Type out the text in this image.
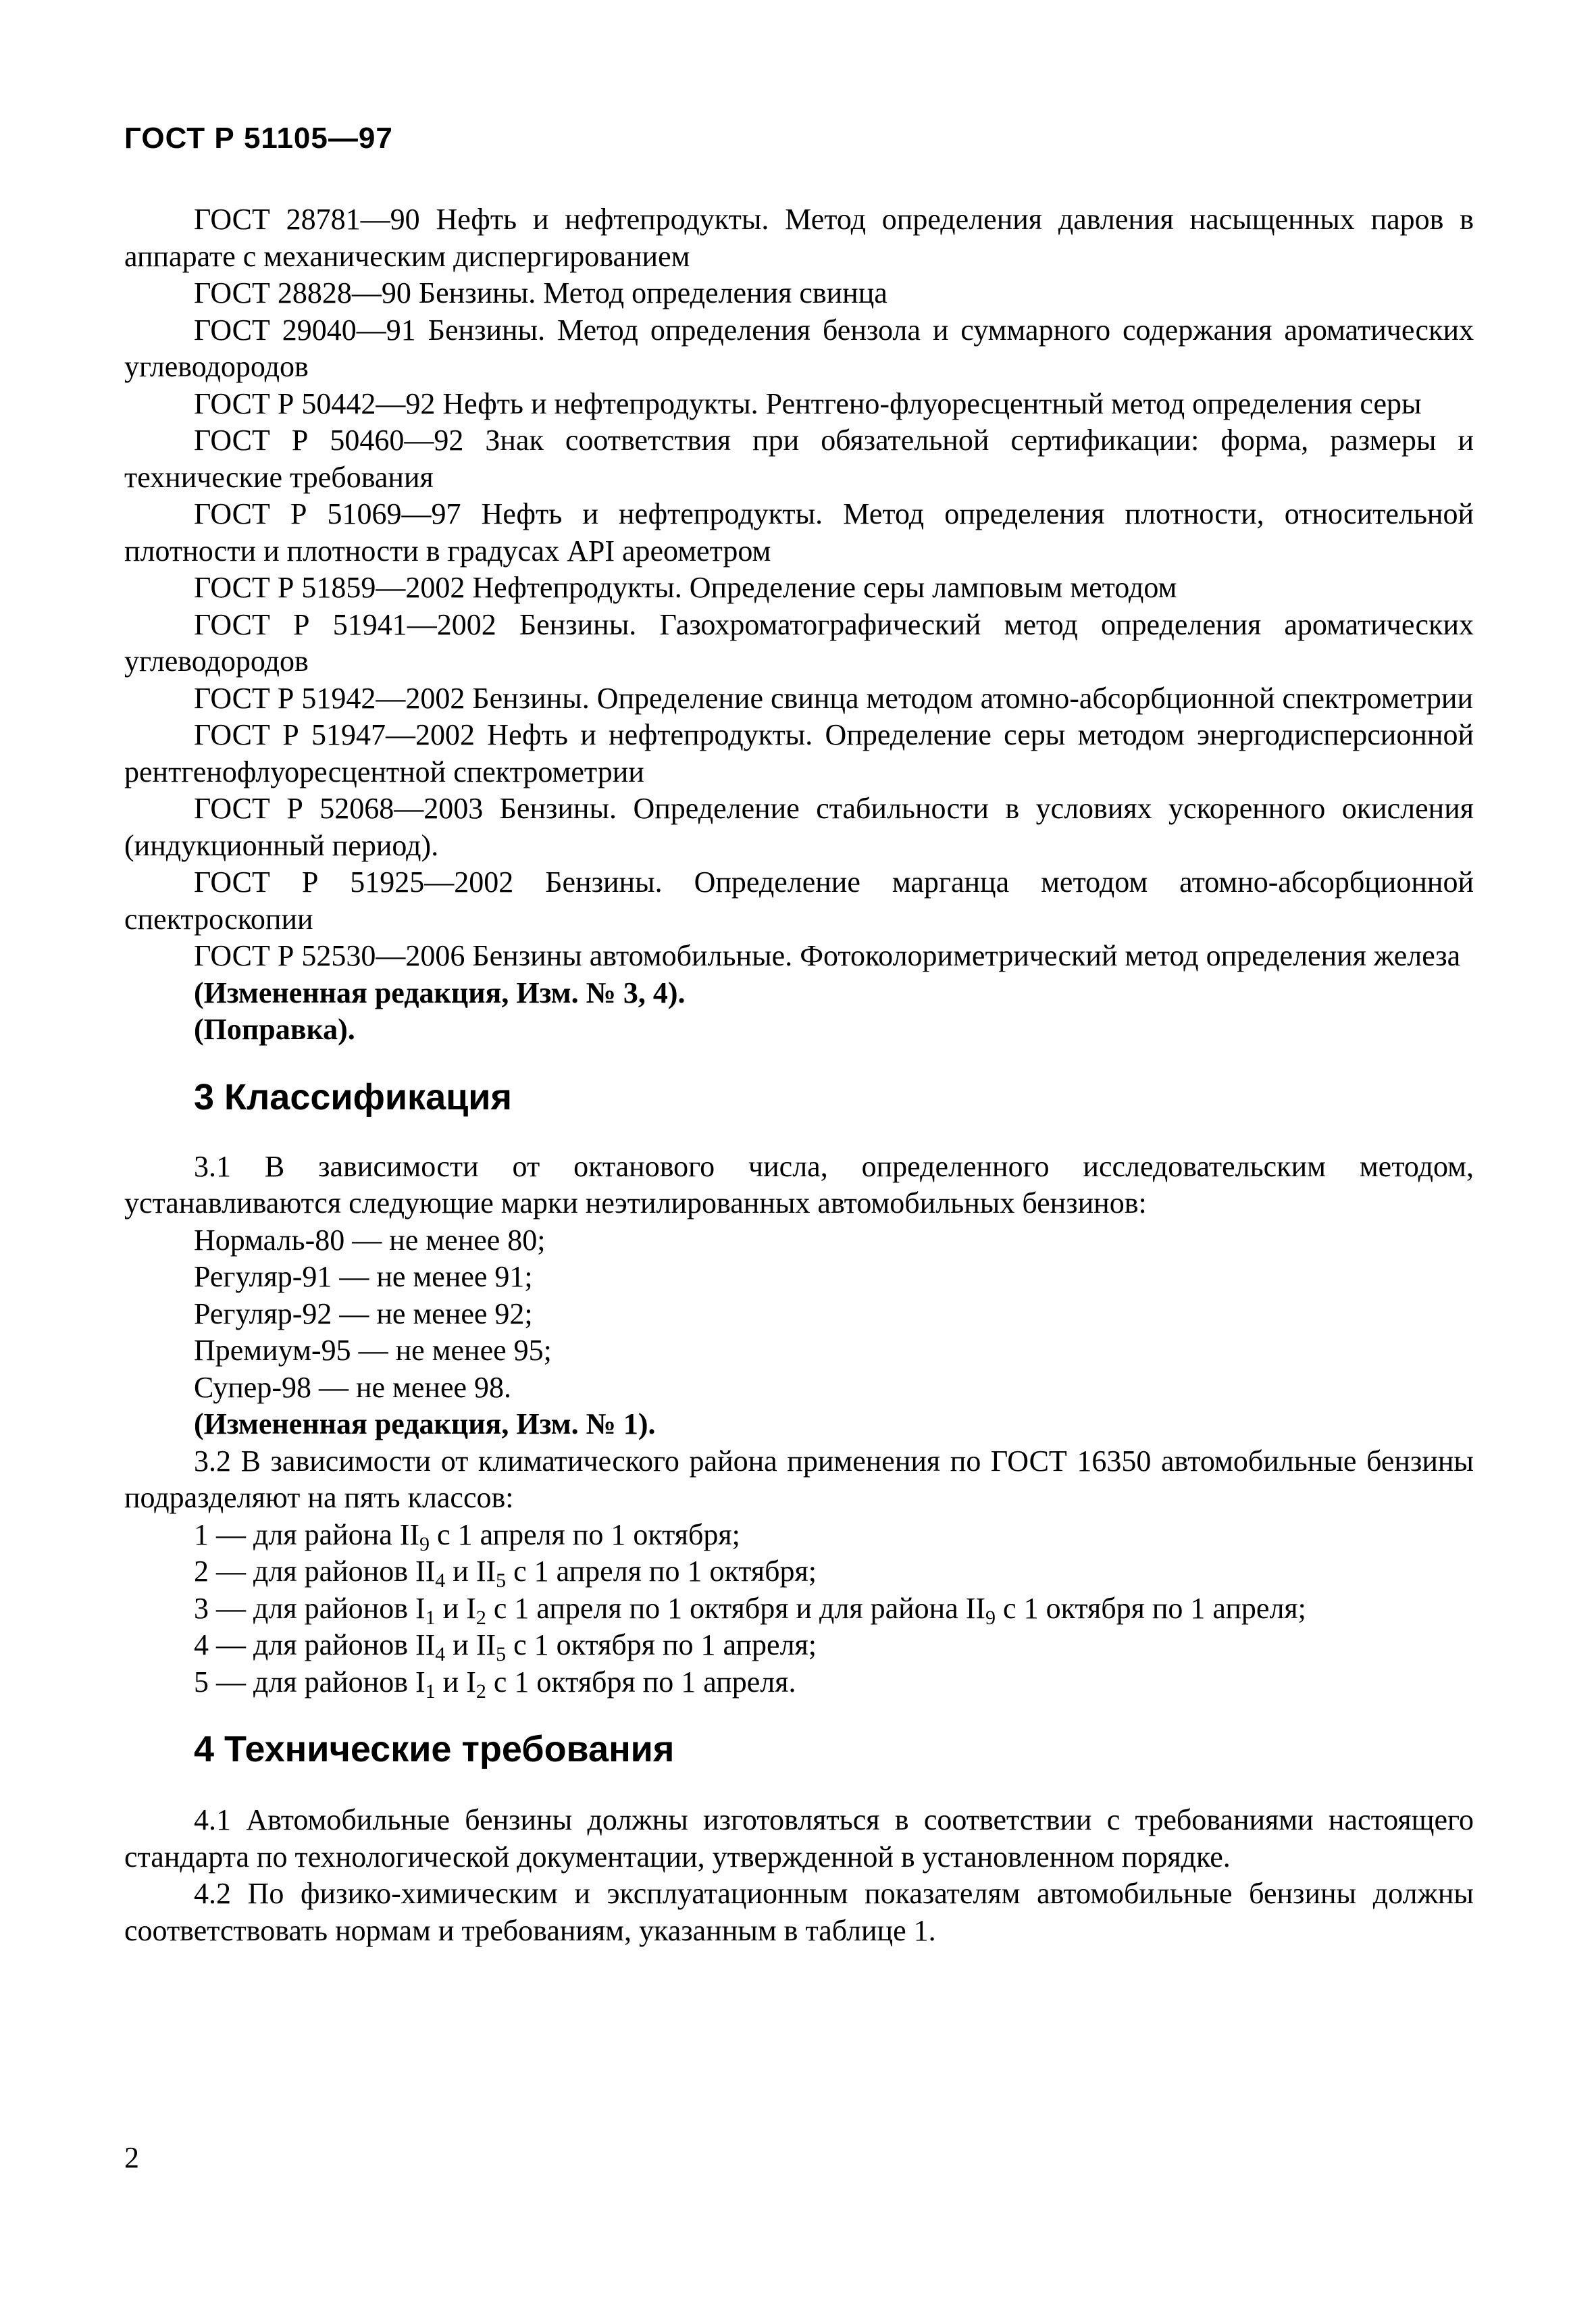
ГОСТ Р 51105—97

ГОСТ 28781—90 Нефть и нефтепродукты. Метод определения давления насыщенных паров в аппарате с механическим диспергированием

ГОСТ 28828—90 Бензины. Метод определения свинца

ГОСТ 29040—91 Бензины. Метод определения бензола и суммарного содержания ароматических углеводородов

ГОСТ Р 50442—92 Нефть и нефтепродукты. Рентгено-флуоресцентный метод определения серы

ГОСТ Р 50460—92 Знак соответствия при обязательной сертификации: форма, размеры и технические требования

ГОСТ Р 51069—97 Нефть и нефтепродукты. Метод определения плотности, относительной плотности и плотности в градусах API ареометром

ГОСТ Р 51859—2002 Нефтепродукты. Определение серы ламповым методом

ГОСТ Р 51941—2002 Бензины. Газохроматографический метод определения ароматических углеводородов

ГОСТ Р 51942—2002 Бензины. Определение свинца методом атомно-абсорбционной спектрометрии

ГОСТ Р 51947—2002 Нефть и нефтепродукты. Определение серы методом энергодисперсионной рентгенофлуоресцентной спектрометрии

ГОСТ Р 52068—2003 Бензины. Определение стабильности в условиях ускоренного окисления (индукционный период).

ГОСТ Р 51925—2002 Бензины. Определение марганца методом атомно-абсорбционной спектроскопии

ГОСТ Р 52530—2006 Бензины автомобильные. Фотоколориметрический метод определения железа

(Измененная редакция, Изм. № 3, 4).

(Поправка).

3 Классификация

3.1 В зависимости от октанового числа, определенного исследовательским методом, устанавливаются следующие марки неэтилированных автомобильных бензинов:

Нормаль-80 — не менее 80;

Регуляр-91 — не менее 91;

Регуляр-92 — не менее 92;

Премиум-95 — не менее 95;

Супер-98 — не менее 98.

(Измененная редакция, Изм. № 1).

3.2 В зависимости от климатического района применения по ГОСТ 16350 автомобильные бензины подразделяют на пять классов:

1 — для района $II_9$ с 1 апреля по 1 октября;

2 — для районов $II_4$ и $II_5$ с 1 апреля по 1 октября;

3 — для районов $I_1$ и $I_2$ с 1 апреля по 1 октября и для района $II_9$ с 1 октября по 1 апреля;

4 — для районов $II_4$ и $II_5$ с 1 октября по 1 апреля;

5 — для районов $I_1$ и $I_2$ с 1 октября по 1 апреля.

4 Технические требования

4.1 Автомобильные бензины должны изготовляться в соответствии с требованиями настоящего стандарта по технологической документации, утвержденной в установленном порядке.

4.2 По физико-химическим и эксплуатационным показателям автомобильные бензины должны соответствовать нормам и требованиям, указанным в таблице 1.

2
